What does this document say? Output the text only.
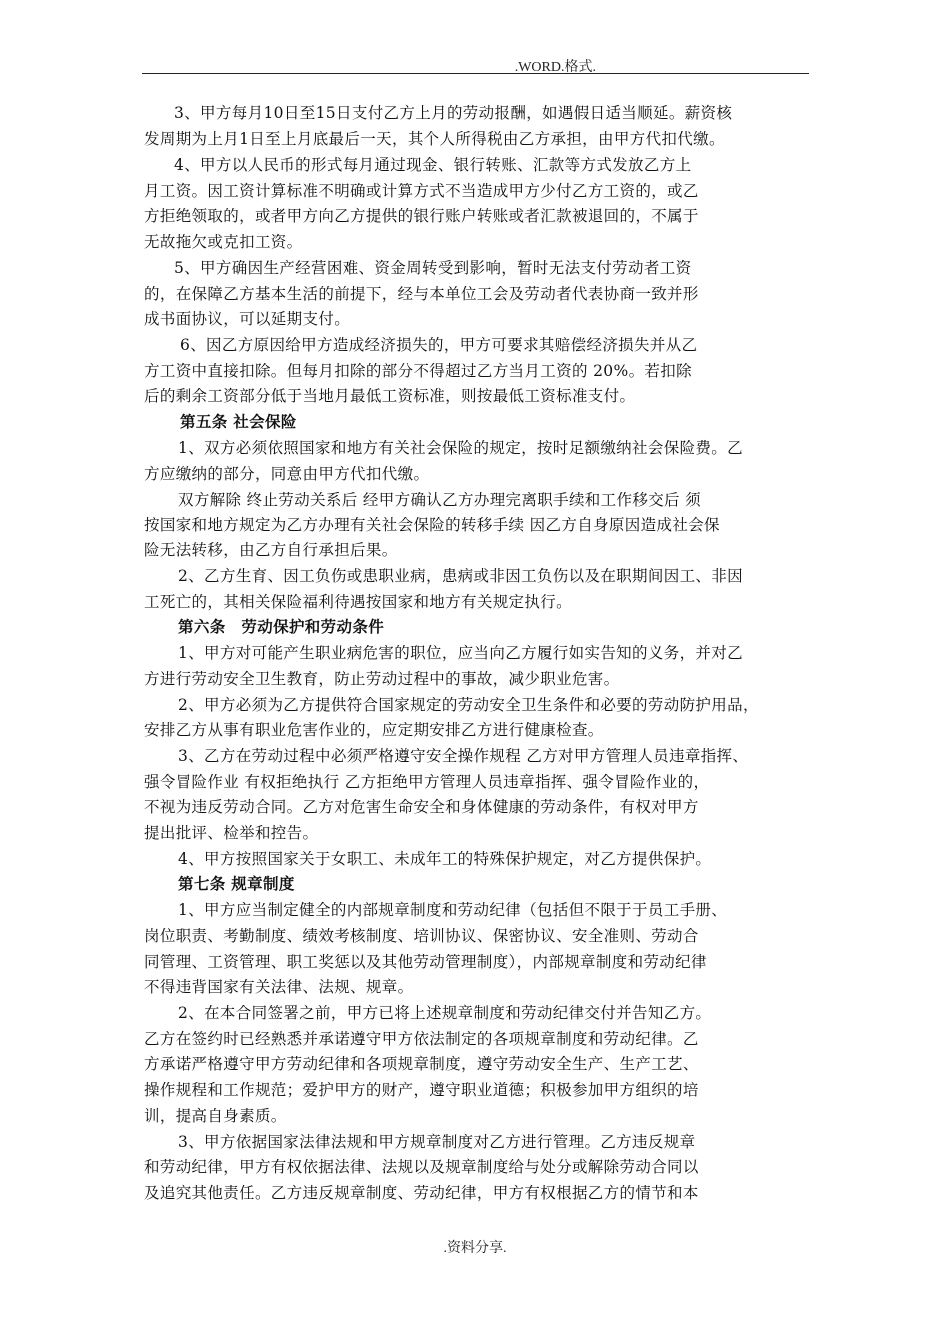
.WORD.格式.
3、甲方每月10日至15日支付乙方上月的劳动报酬，如遇假日适当顺延。薪资核
发周期为上月1日至上月底最后一天，其个人所得税由乙方承担，由甲方代扣代缴。
4、甲方以人民币的形式每月通过现金、银行转账、汇款等方式发放乙方上
月工资。因工资计算标准不明确或计算方式不当造成甲方少付乙方工资的，或乙
方拒绝领取的，或者甲方向乙方提供的银行账户转账或者汇款被退回的，不属于
无故拖欠或克扣工资。
5、甲方确因生产经营困难、资金周转受到影响，暂时无法支付劳动者工资
的，在保障乙方基本生活的前提下，经与本单位工会及劳动者代表协商一致并形
成书面协议，可以延期支付。
6、因乙方原因给甲方造成经济损失的，甲方可要求其赔偿经济损失并从乙
方工资中直接扣除。但每月扣除的部分不得超过乙方当月工资的 20%。若扣除
后的剩余工资部分低于当地月最低工资标准，则按最低工资标准支付。
第五条 社会保险
1、双方必须依照国家和地方有关社会保险的规定，按时足额缴纳社会保险费。乙
方应缴纳的部分，同意由甲方代扣代缴。
双方解除 终止劳动关系后 经甲方确认乙方办理完离职手续和工作移交后 须
按国家和地方规定为乙方办理有关社会保险的转移手续 因乙方自身原因造成社会保
险无法转移，由乙方自行承担后果。
2、乙方生育、因工负伤或患职业病，患病或非因工负伤以及在职期间因工、非因
工死亡的，其相关保险福利待遇按国家和地方有关规定执行。
第六条　劳动保护和劳动条件
1、甲方对可能产生职业病危害的职位，应当向乙方履行如实告知的义务，并对乙
方进行劳动安全卫生教育，防止劳动过程中的事故，减少职业危害。
2、甲方必须为乙方提供符合国家规定的劳动安全卫生条件和必要的劳动防护用品，
安排乙方从事有职业危害作业的，应定期安排乙方进行健康检查。
3、乙方在劳动过程中必须严格遵守安全操作规程 乙方对甲方管理人员违章指挥、
强令冒险作业 有权拒绝执行 乙方拒绝甲方管理人员违章指挥、强令冒险作业的，
不视为违反劳动合同。乙方对危害生命安全和身体健康的劳动条件，有权对甲方
提出批评、检举和控告。
4、甲方按照国家关于女职工、未成年工的特殊保护规定，对乙方提供保护。
第七条 规章制度
1、甲方应当制定健全的内部规章制度和劳动纪律（包括但不限于于员工手册、
岗位职责、考勤制度、绩效考核制度、培训协议、保密协议、安全准则、劳动合
同管理、工资管理、职工奖惩以及其他劳动管理制度），内部规章制度和劳动纪律
不得违背国家有关法律、法规、规章。
2、在本合同签署之前，甲方已将上述规章制度和劳动纪律交付并告知乙方。
乙方在签约时已经熟悉并承诺遵守甲方依法制定的各项规章制度和劳动纪律。乙
方承诺严格遵守甲方劳动纪律和各项规章制度，遵守劳动安全生产、生产工艺、
操作规程和工作规范；爱护甲方的财产，遵守职业道德；积极参加甲方组织的培
训，提高自身素质。
3、甲方依据国家法律法规和甲方规章制度对乙方进行管理。乙方违反规章
和劳动纪律，甲方有权依据法律、法规以及规章制度给与处分或解除劳动合同以
及追究其他责任。乙方违反规章制度、劳动纪律，甲方有权根据乙方的情节和本
.资料分享.
